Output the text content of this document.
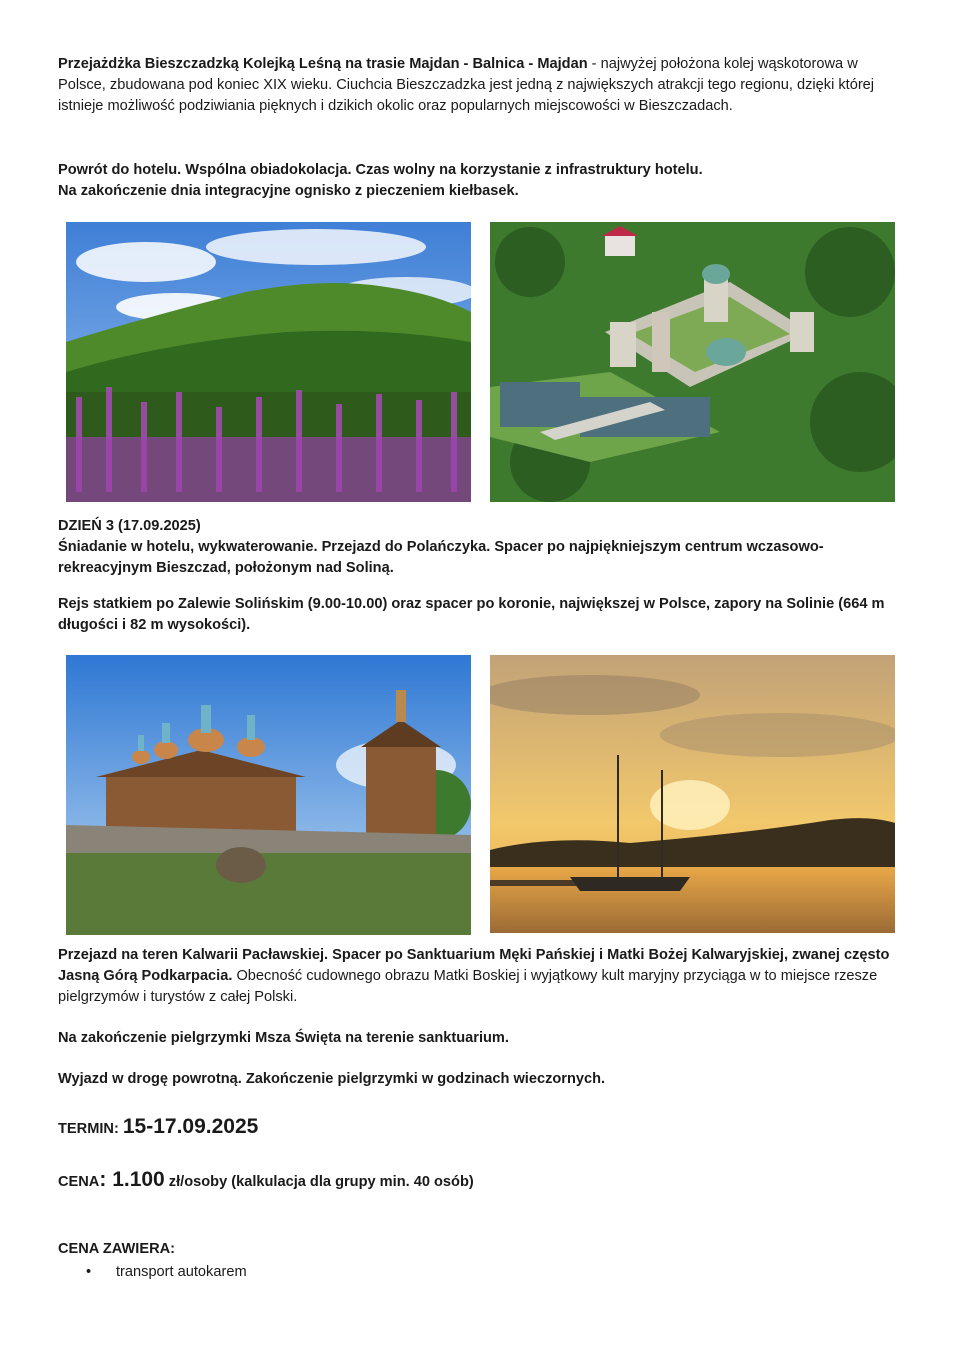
Przejażdżka Bieszczadzką Kolejką Leśną na trasie Majdan - Balnica - Majdan - najwyżej położona kolej wąskotorowa w Polsce, zbudowana pod koniec XIX wieku. Ciuchcia Bieszczadzka jest jedną z największych atrakcji tego regionu, dzięki której istnieje możliwość podziwiania pięknych i dzikich okolic oraz popularnych miejscowości w Bieszczadach.

Powrót do hotelu. Wspólna obiadokolacja. Czas wolny na korzystanie z infrastruktury hotelu.

Na zakończenie dnia integracyjne ognisko z pieczeniem kiełbasek.

DZIEŃ 3 (17.09.2025)

Śniadanie w hotelu, wykwaterowanie. Przejazd do Polańczyka. Spacer po najpiękniejszym centrum wczasowo-rekreacyjnym Bieszczad, położonym nad Soliną.

Rejs statkiem po Zalewie Solińskim (9.00-10.00) oraz spacer po koronie, największej w Polsce, zapory na Solinie (664 m długości i 82 m wysokości).

Przejazd na teren Kalwarii Pacławskiej. Spacer po Sanktuarium Męki Pańskiej i Matki Bożej Kalwaryjskiej, zwanej często Jasną Górą Podkarpacia. Obecność cudownego obrazu Matki Boskiej i wyjątkowy kult maryjny przyciąga w to miejsce rzesze pielgrzymów i turystów z całej Polski.

Na zakończenie pielgrzymki Msza Święta na terenie sanktuarium.

Wyjazd w drogę powrotną. Zakończenie pielgrzymki w godzinach wieczornych.

TERMIN: 15-17.09.2025
CENA: 1.100 zł/osoby (kalkulacja dla grupy min. 40 osób)

CENA ZAWIERA:

• transport autokarem
